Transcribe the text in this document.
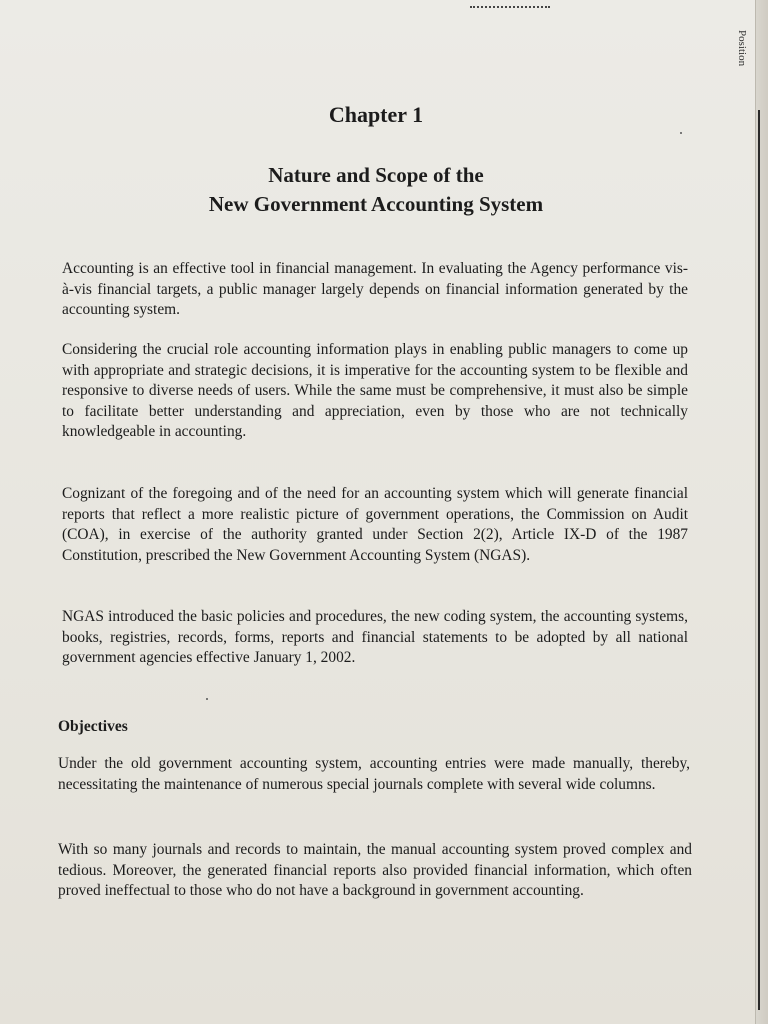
Position
Chapter 1
Nature and Scope of the
New Government Accounting System

Accounting is an effective tool in financial management. In evaluating the Agency performance vis-à-vis financial targets, a public manager largely depends on financial information generated by the accounting system.

Considering the crucial role accounting information plays in enabling public managers to come up with appropriate and strategic decisions, it is imperative for the accounting system to be flexible and responsive to diverse needs of users. While the same must be comprehensive, it must also be simple to facilitate better understanding and appreciation, even by those who are not technically knowledgeable in accounting.

Cognizant of the foregoing and of the need for an accounting system which will generate financial reports that reflect a more realistic picture of government operations, the Commission on Audit (COA), in exercise of the authority granted under Section 2(2), Article IX-D of the 1987 Constitution, prescribed the New Government Accounting System (NGAS).

NGAS introduced the basic policies and procedures, the new coding system, the accounting systems, books, registries, records, forms, reports and financial statements to be adopted by all national government agencies effective January 1, 2002.

Objectives

Under the old government accounting system, accounting entries were made manually, thereby, necessitating the maintenance of numerous special journals complete with several wide columns.

With so many journals and records to maintain, the manual accounting system proved complex and tedious. Moreover, the generated financial reports also provided financial information, which often proved ineffectual to those who do not have a background in government accounting.
